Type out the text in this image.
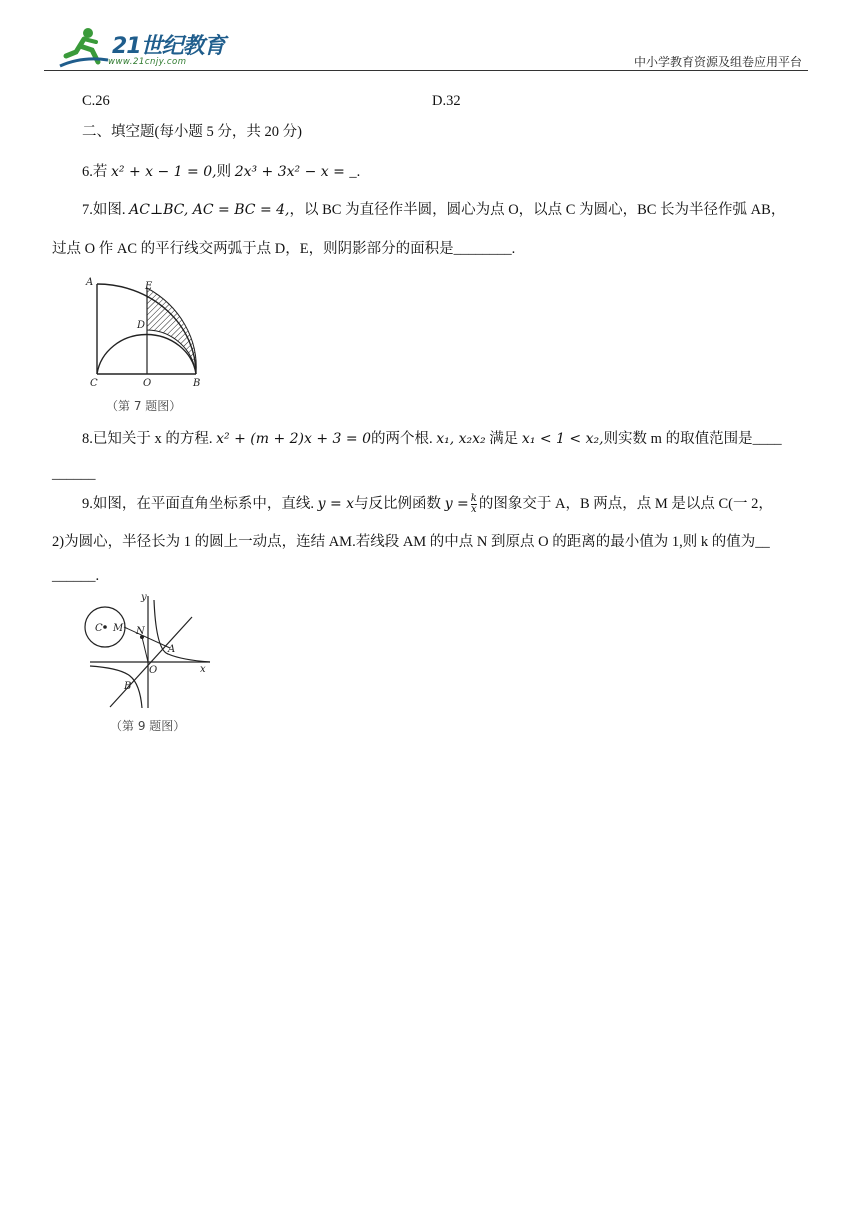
21世纪教育
www.21cnjy.com	中小学教育资源及组卷应用平台
C.26	D.32
二、填空题(每小题 5 分，共 20 分)
6.若 x² + x − 1 = 0,则 2x³ + 3x² − x = _.
7.如图. AC⊥BC, AC = BC = 4,，以 BC 为直径作半圆，圆心为点 O，以点 C 为圆心，BC 长为半径作弧 AB，
过点 O 作 AC 的平行线交两弧于点 D，E，则阴影部分的面积是________.
A	E
D
C	O	B
（第 7 题图）
8.已知关于 x 的方程. x² + (m + 2)x + 3 = 0的两个根. x₁, x₂x₂ 满足 x₁ < 1 < x₂,则实数 m 的取值范围是____
______
9.如图，在平面直角坐标系中，直线. y = x与反比例函数 $y = \frac{k}{x}$ 的图象交于 A，B 两点，点 M 是以点 C(一 2，
2)为圆心，半径长为 1 的圆上一动点，连结 AM.若线段 AM 的中点 N 到原点 O 的距离的最小值为 1,则 k 的值为__
______.
y
x
C M N
A
O
B
（第 9 题图）
